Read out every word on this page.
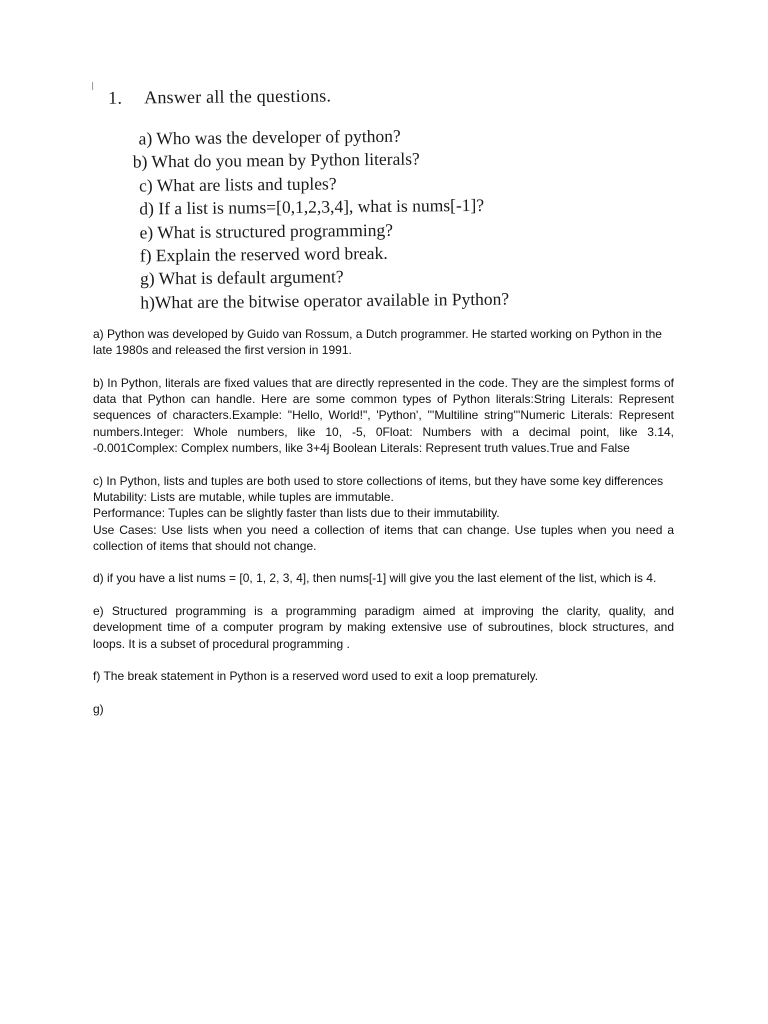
1. Answer all the questions.
a) Who was the developer of python?
b) What do you mean by Python literals?
c) What are lists and tuples?
d) If a list is nums=[0,1,2,3,4], what is nums[-1]?
e) What is structured programming?
f) Explain the reserved word break.
g) What is default argument?
h)What are the bitwise operator available in Python?

a) Python was developed by Guido van Rossum, a Dutch programmer. He started working on Python in the late 1980s and released the first version in 1991.

b) In Python, literals are fixed values that are directly represented in the code. They are the simplest forms of data that Python can handle. Here are some common types of Python literals:String Literals: Represent sequences of characters.Example: "Hello, World!", 'Python', '''Multiline string'''Numeric Literals: Represent numbers.Integer: Whole numbers, like 10, -5, 0Float: Numbers with a decimal point, like 3.14, -0.001Complex: Complex numbers, like 3+4j Boolean Literals: Represent truth values.True and False

c) In Python, lists and tuples are both used to store collections of items, but they have some key differences
Mutability: Lists are mutable, while tuples are immutable.
Performance: Tuples can be slightly faster than lists due to their immutability.
Use Cases: Use lists when you need a collection of items that can change. Use tuples when you need a collection of items that should not change.

d) if you have a list nums = [0, 1, 2, 3, 4], then nums[-1] will give you the last element of the list, which is 4.

e) Structured programming is a programming paradigm aimed at improving the clarity, quality, and development time of a computer program by making extensive use of subroutines, block structures, and loops. It is a subset of procedural programming .

f) The break statement in Python is a reserved word used to exit a loop prematurely.

g)
